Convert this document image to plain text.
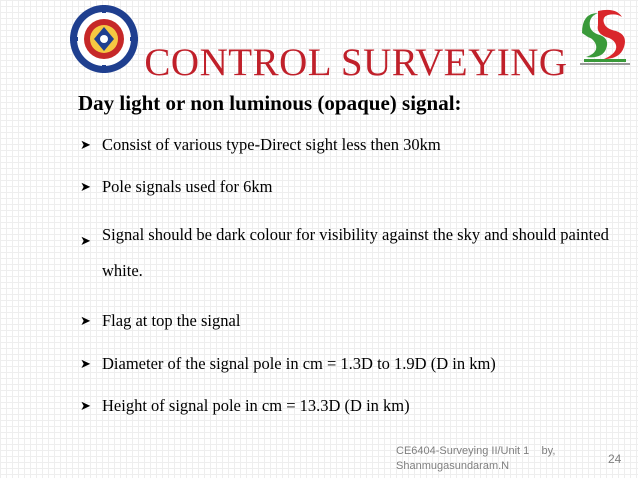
CONTROL SURVEYING
Day light or non luminous (opaque) signal:
➤ Consist of various type-Direct sight less then 30km
➤ Pole signals used for 6km
➤ Signal should be dark colour for visibility against the sky and should painted white.
➤ Flag at top the signal
➤ Diameter of the signal pole in cm = 1.3D to 1.9D (D in km)
➤ Height of signal pole in cm = 13.3D (D in km)
CE6404-Surveying II/Unit 1    by,
Shanmugasundaram.N	24
